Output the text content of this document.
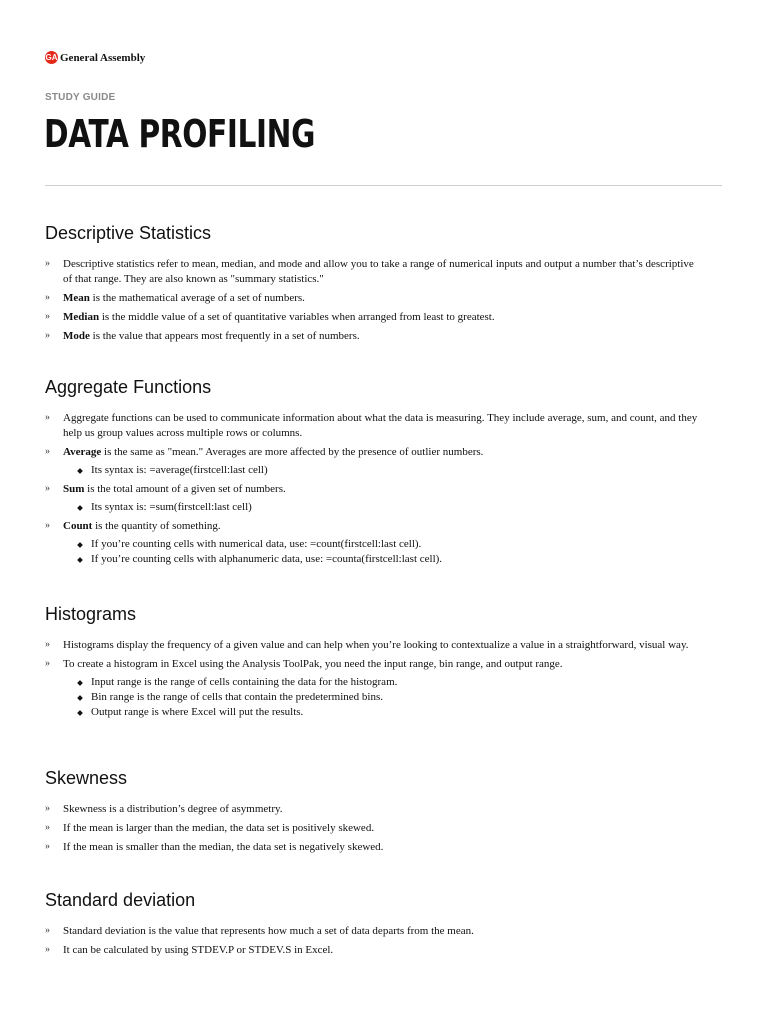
GA General Assembly
STUDY GUIDE
DATA PROFILING
Descriptive Statistics
» Descriptive statistics refer to mean, median, and mode and allow you to take a range of numerical inputs and output a number that’s descriptive of that range. They are also known as "summary statistics."
» Mean is the mathematical average of a set of numbers.
» Median is the middle value of a set of quantitative variables when arranged from least to greatest.
» Mode is the value that appears most frequently in a set of numbers.
Aggregate Functions
» Aggregate functions can be used to communicate information about what the data is measuring. They include average, sum, and count, and they help us group values across multiple rows or columns.
» Average is the same as "mean." Averages are more affected by the presence of outlier numbers.
Its syntax is: =average(firstcell:last cell)
» Sum is the total amount of a given set of numbers.
Its syntax is: =sum(firstcell:last cell)
» Count is the quantity of something.
If you’re counting cells with numerical data, use: =count(firstcell:last cell).
If you’re counting cells with alphanumeric data, use: =counta(firstcell:last cell).
Histograms
» Histograms display the frequency of a given value and can help when you’re looking to contextualize a value in a straightforward, visual way.
» To create a histogram in Excel using the Analysis ToolPak, you need the input range, bin range, and output range.
Input range is the range of cells containing the data for the histogram.
Bin range is the range of cells that contain the predetermined bins.
Output range is where Excel will put the results.
Skewness
» Skewness is a distribution’s degree of asymmetry.
» If the mean is larger than the median, the data set is positively skewed.
» If the mean is smaller than the median, the data set is negatively skewed.
Standard deviation
» Standard deviation is the value that represents how much a set of data departs from the mean.
» It can be calculated by using STDEV.P or STDEV.S in Excel.
